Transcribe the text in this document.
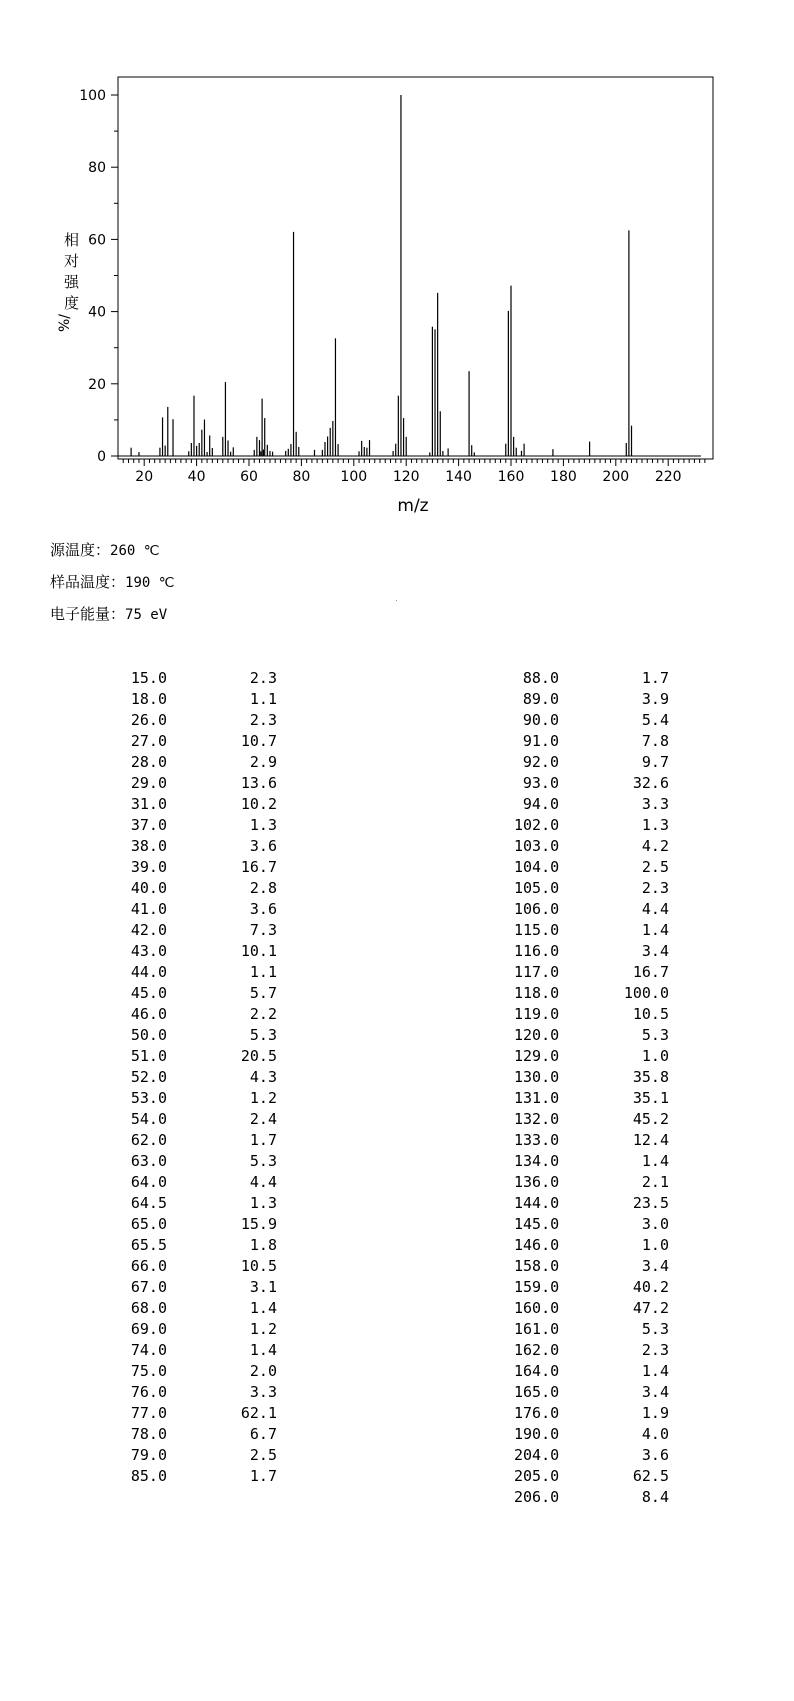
20 40 60 80 100 120 140 160 180 200 220
0
20
40
60
80
100
相对强度
m/z
%/
15.0	2.3
18.0	1.1
26.0	2.3
27.0	10.7
28.0	2.9
29.0	13.6
31.0	10.2
37.0	1.3
38.0	3.6
39.0	16.7
40.0	2.8
41.0	3.6
42.0	7.3
43.0	10.1
44.0	1.1
45.0	5.7
46.0	2.2
50.0	5.3
51.0	20.5
52.0	4.3
53.0	1.2
54.0	2.4
62.0	1.7
63.0	5.3
64.0	4.4
64.5	1.3
65.0	15.9
65.5	1.8
66.0	10.5
67.0	3.1
68.0	1.4
69.0	1.2
74.0	1.4
75.0	2.0
76.0	3.3
77.0	62.1
78.0	6.7
79.0	2.5
85.0	1.7
88.0	1.7
89.0	3.9
90.0	5.4
91.0	7.8
92.0	9.7
93.0	32.6
94.0	3.3
102.0	1.3
103.0	4.2
104.0	2.5
105.0	2.3
106.0	4.4
115.0	1.4
116.0	3.4
117.0	16.7
118.0	100.0
119.0	10.5
120.0	5.3
129.0	1.0
130.0	35.8
131.0	35.1
132.0	45.2
133.0	12.4
134.0	1.4
136.0	2.1
144.0	23.5
145.0	3.0
146.0	1.0
158.0	3.4
159.0	40.2
160.0	47.2
161.0	5.3
162.0	2.3
164.0	1.4
165.0	3.4
176.0	1.9
190.0	4.0
204.0	3.6
205.0	62.5
206.0	8.4
源温度：260 ℃
样品温度：190 ℃
电子能量：75 eV
